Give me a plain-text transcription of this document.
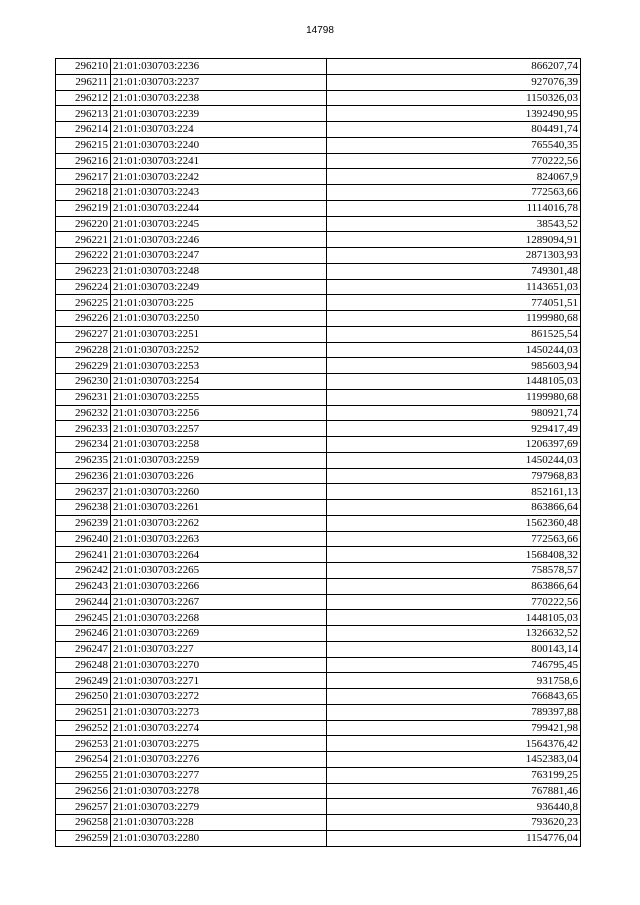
14798
296210	21:01:030703:2236	866207,74
296211	21:01:030703:2237	927076,39
296212	21:01:030703:2238	1150326,03
296213	21:01:030703:2239	1392490,95
296214	21:01:030703:224	804491,74
296215	21:01:030703:2240	765540,35
296216	21:01:030703:2241	770222,56
296217	21:01:030703:2242	824067,9
296218	21:01:030703:2243	772563,66
296219	21:01:030703:2244	1114016,78
296220	21:01:030703:2245	38543,52
296221	21:01:030703:2246	1289094,91
296222	21:01:030703:2247	2871303,93
296223	21:01:030703:2248	749301,48
296224	21:01:030703:2249	1143651,03
296225	21:01:030703:225	774051,51
296226	21:01:030703:2250	1199980,68
296227	21:01:030703:2251	861525,54
296228	21:01:030703:2252	1450244,03
296229	21:01:030703:2253	985603,94
296230	21:01:030703:2254	1448105,03
296231	21:01:030703:2255	1199980,68
296232	21:01:030703:2256	980921,74
296233	21:01:030703:2257	929417,49
296234	21:01:030703:2258	1206397,69
296235	21:01:030703:2259	1450244,03
296236	21:01:030703:226	797968,83
296237	21:01:030703:2260	852161,13
296238	21:01:030703:2261	863866,64
296239	21:01:030703:2262	1562360,48
296240	21:01:030703:2263	772563,66
296241	21:01:030703:2264	1568408,32
296242	21:01:030703:2265	758578,57
296243	21:01:030703:2266	863866,64
296244	21:01:030703:2267	770222,56
296245	21:01:030703:2268	1448105,03
296246	21:01:030703:2269	1326632,52
296247	21:01:030703:227	800143,14
296248	21:01:030703:2270	746795,45
296249	21:01:030703:2271	931758,6
296250	21:01:030703:2272	766843,65
296251	21:01:030703:2273	789397,88
296252	21:01:030703:2274	799421,98
296253	21:01:030703:2275	1564376,42
296254	21:01:030703:2276	1452383,04
296255	21:01:030703:2277	763199,25
296256	21:01:030703:2278	767881,46
296257	21:01:030703:2279	936440,8
296258	21:01:030703:228	793620,23
296259	21:01:030703:2280	1154776,04
